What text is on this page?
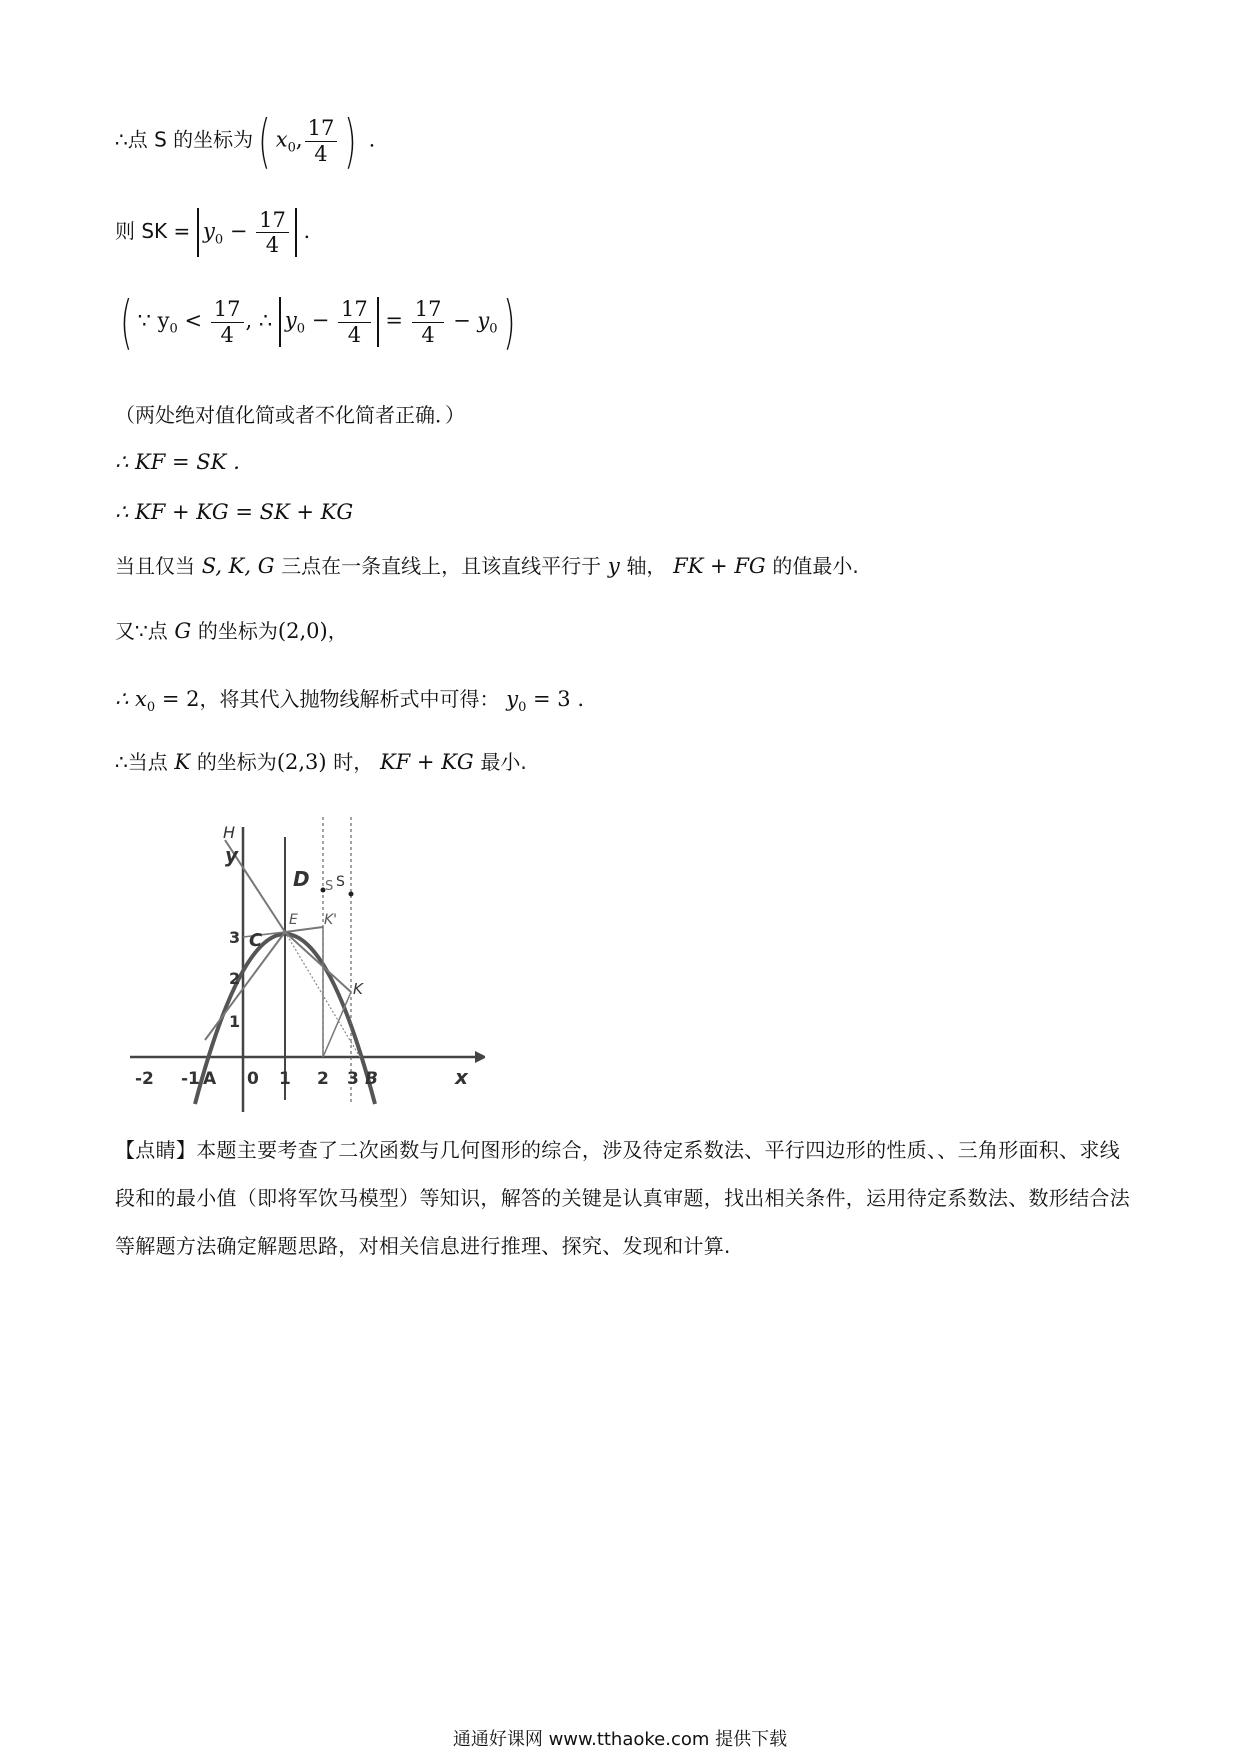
∴点 S 的坐标为( $x_0$, $\frac{17}{4}$ ) .
则 SK = $y_0 - \frac{17}{4}$ .
( ∵ $y_0 < \frac{17}{4}$ , ∴ $y_0 - \frac{17}{4} = \frac{17}{4} - y_0$)
（两处绝对值化简或者不化简者正确．）
∴ KF = SK ．
∴ KF + KG = SK + KG
当且仅当 S, K, G 三点在一条直线上，且该直线平行于 y 轴， FK + FG 的值最小.
又∵点 G 的坐标为(2,0)，
∴ $x_0 = 2$，将其代入抛物线解析式中可得： $y_0 = 3$ .
∴当点 K 的坐标为(2,3) 时， KF + KG 最小.
H
y
D S S
E K'
C
K
3
2
1
-2 -1 A 0 1 2 3 B	x
【点睛】本题主要考查了二次函数与几何图形的综合，涉及待定系数法、平行四边形的性质、、三角形面积、求线段和的最小值（即将军饮马模型）等知识，解答的关键是认真审题，找出相关条件，运用待定系数法、数形结合法等解题方法确定解题思路，对相关信息进行推理、探究、发现和计算.
通通好课网 www.tthaoke.com 提供下载
